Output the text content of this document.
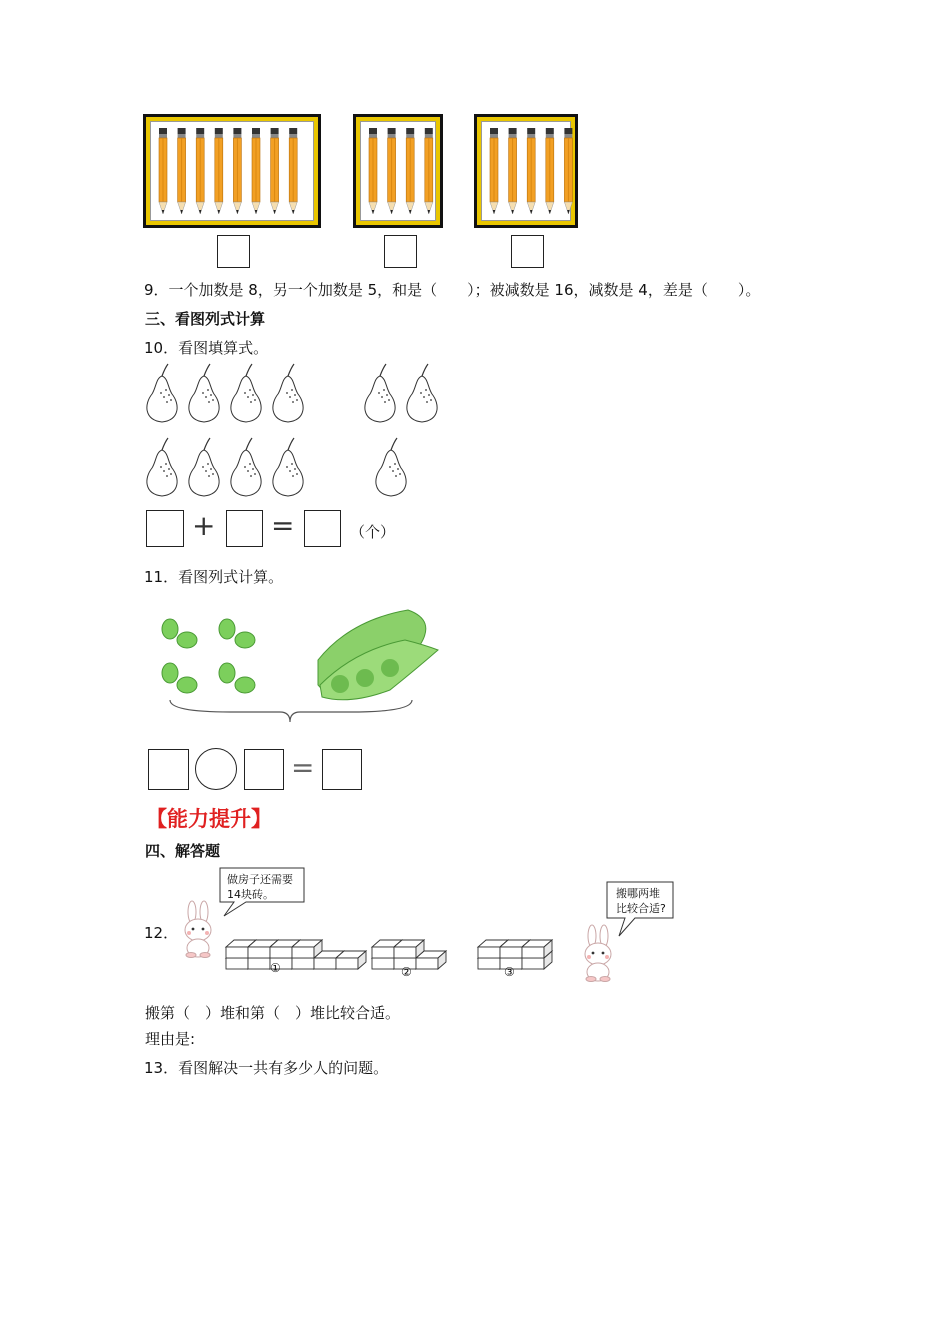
9．一个加数是 8，另一个加数是 5，和是（　　）；被减数是 16，减数是 4，差是（　　）。
三、看图列式计算
10．看图填算式。
+ =	（个）
11．看图列式计算。
=
【能力提升】
四、解答题
12．
做房子还需要
14块砖。
①	②	③
搬哪两堆
比较合适?
搬第（　）堆和第（　）堆比较合适。
理由是:
13．看图解决一共有多少人的问题。
